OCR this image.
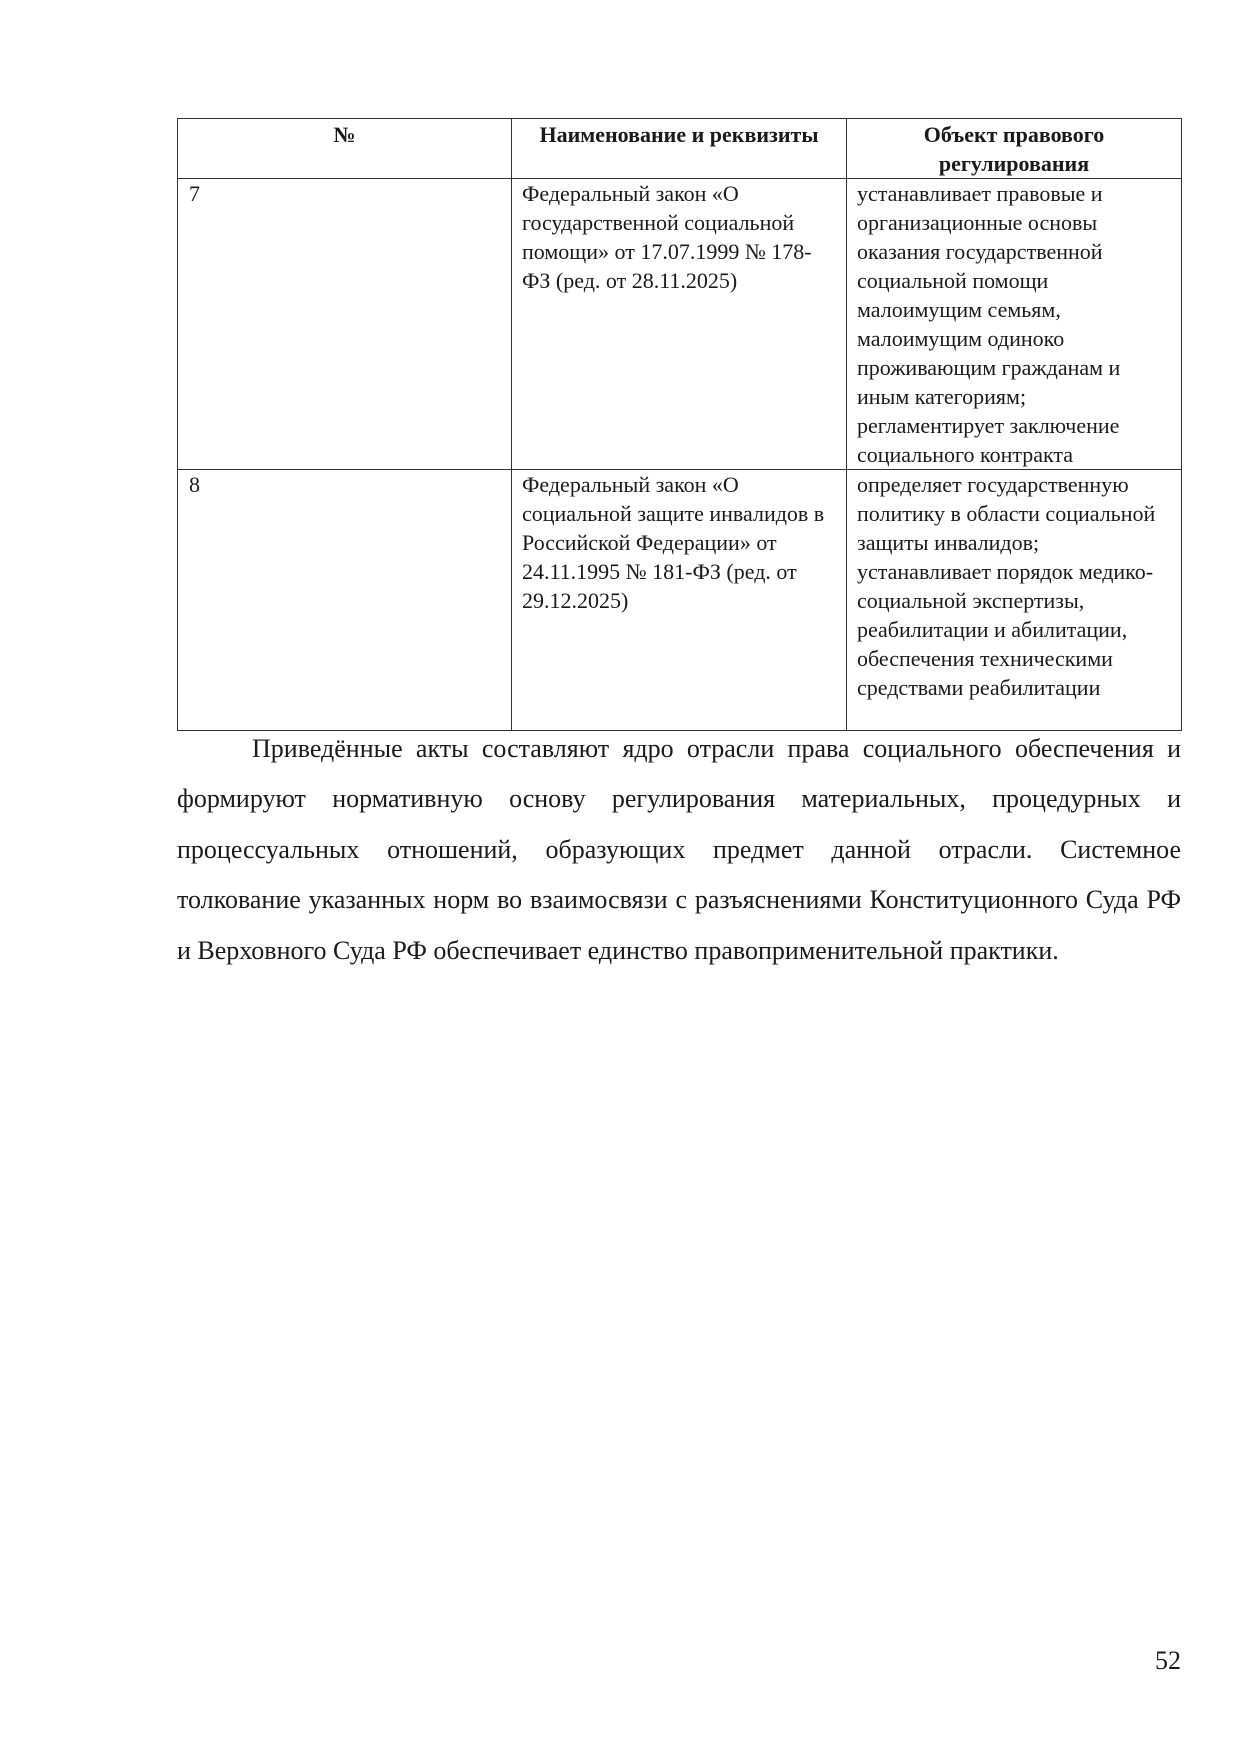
№	Наименование и реквизиты	Объект правового регулирования
7	Федеральный закон «О государственной социальной помощи» от 17.07.1999 № 178-ФЗ (ред. от 28.11.2025)	устанавливает правовые и организационные основы оказания государственной социальной помощи малоимущим семьям, малоимущим одиноко проживающим гражданам и иным категориям; регламентирует заключение социального контракта
8	Федеральный закон «О социальной защите инвалидов в Российской Федерации» от 24.11.1995 № 181-ФЗ (ред. от 29.12.2025)	определяет государственную политику в области социальной защиты инвалидов; устанавливает порядок медико-социальной экспертизы, реабилитации и абилитации, обеспечения техническими средствами реабилитации

Приведённые акты составляют ядро отрасли права социального обеспечения и формируют нормативную основу регулирования материальных, процедурных и процессуальных отношений, образующих предмет данной отрасли. Системное толкование указанных норм во взаимосвязи с разъяснениями Конституционного Суда РФ и Верховного Суда РФ обеспечивает единство правоприменительной практики.

52
